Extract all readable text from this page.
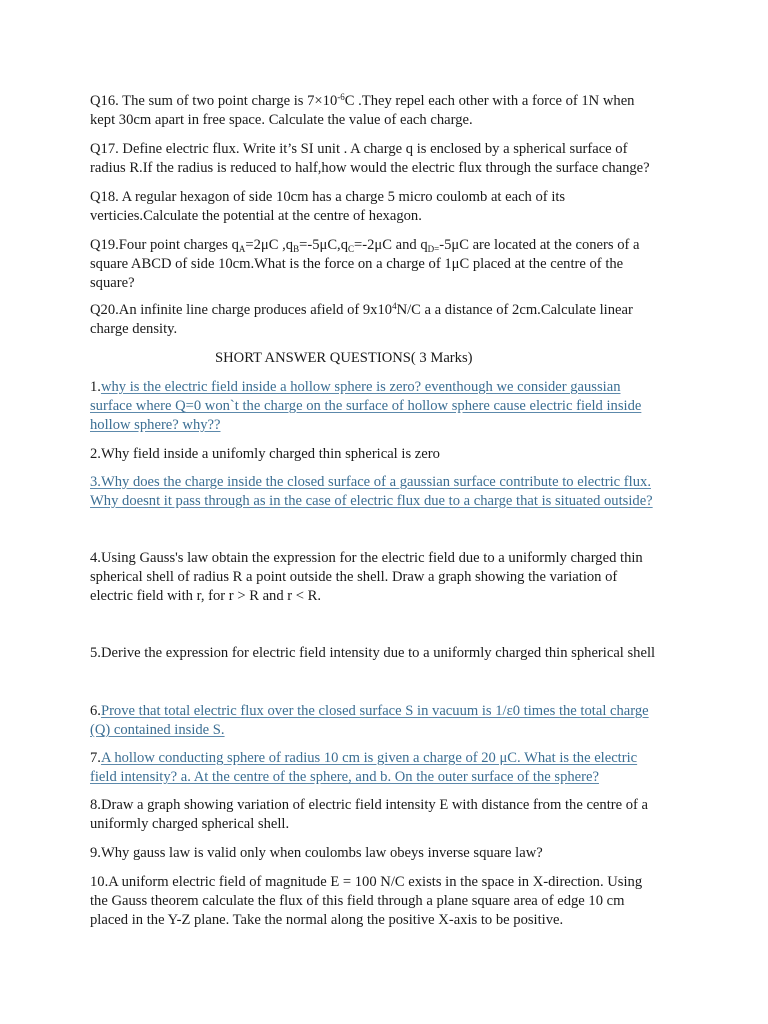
Q16. The sum of two point charge is $7\times 10^{-6}C$ .They repel each other with a force of 1N when
kept 30cm apart in free space. Calculate the value of each charge.

Q17. Define electric flux. Write it’s SI unit . A charge q is enclosed by a spherical surface of
radius R.If the radius is reduced to half,how would the electric flux through the surface change?

Q18. A regular hexagon of side 10cm has a charge 5 micro coulomb at each of its
verticies.Calculate the potential at the centre of hexagon.

Q19.Four point charges $q_A=2\mu C$ $,q_B=-5\mu C,q_C=-2\mu C$ and $q_{D=}-5\mu C$ are located at the coners of a
square ABCD of side 10cm.What is the force on a charge of 1μC placed at the centre of the
square?

Q20.An infinite line charge produces afield of $9x10^4N/C$ a a distance of 2cm.Calculate linear
charge density.

SHORT ANSWER QUESTIONS( 3 Marks)

1.why is the electric field inside a hollow sphere is zero? eventhough we consider gaussian
surface where Q=0 won`t the charge on the surface of hollow sphere cause electric field inside
hollow sphere? why??

2.Why field inside a unifomly charged thin spherical is zero

3.Why does the charge inside the closed surface of a gaussian surface contribute to electric flux.
Why doesnt it pass through as in the case of electric flux due to a charge that is situated outside?

4.Using Gauss's law obtain the expression for the electric field due to a uniformly charged thin
spherical shell of radius R a point outside the shell. Draw a graph showing the variation of
electric field with r, for r > R and r < R.

5.Derive the expression for electric field intensity due to a uniformly charged thin spherical shell

6.Prove that total electric flux over the closed surface S in vacuum is 1/ε0 times the total charge
(Q) contained inside S.

7.A hollow conducting sphere of radius 10 cm is given a charge of 20 μC. What is the electric
field intensity? a. At the centre of the sphere, and b. On the outer surface of the sphere?

8.Draw a graph showing variation of electric field intensity E with distance from the centre of a
uniformly charged spherical shell.

9.Why gauss law is valid only when coulombs law obeys inverse square law?

10.A uniform electric field of magnitude E = 100 N/C exists in the space in X-direction. Using
the Gauss theorem calculate the flux of this field through a plane square area of edge 10 cm
placed in the Y-Z plane. Take the normal along the positive X-axis to be positive.
